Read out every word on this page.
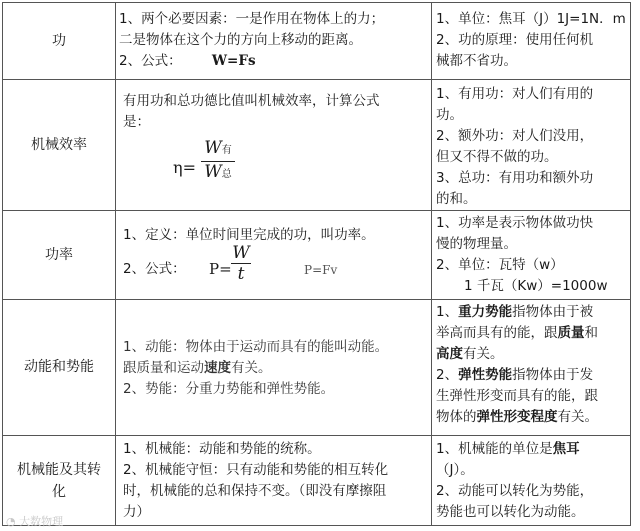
功
1、两个必要因素：一是作用在物体上的力；
二是物体在这个力的方向上移动的距离。
2、公式： W=Fs
1、单位：焦耳（J）1J=1N．m
2、功的原理：使用任何机
械都不省功。
机械效率
有用功和总功德比值叫机械效率，计算公式
是：
η=
W有
W总
1、有用功：对人们有用的
功。
2、额外功：对人们没用，
但又不得不做的功。
3、总功：有用功和额外功
的和。
功率
1、定义：单位时间里完成的功，叫功率。
2、公式： P=
W
t	P=Fv
1、功率是表示物体做功快
慢的物理量。
2、单位：瓦特（w）
1 千瓦（Kw）=1000w
动能和势能
1、动能：物体由于运动而具有的能叫动能。
跟质量和运动速度有关。
2、势能：分重力势能和弹性势能。
1、重力势能指物体由于被
举高而具有的能，跟质量和
高度有关。
2、弹性势能指物体由于发
生弹性形变而具有的能，跟
物体的弹性形变程度有关。
机械能及其转化
1、机械能：动能和势能的统称。
2、机械能守恒：只有动能和势能的相互转化
时，机械能的总和保持不变。（即没有摩擦阻
力）
1、机械能的单位是焦耳
（J）。
2、动能可以转化为势能，
势能也可以转化为动能。
◔ 大数物理
